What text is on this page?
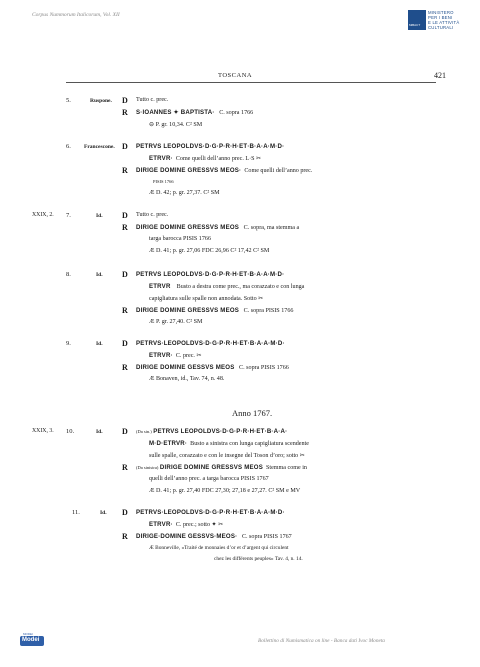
Corpus Nummorum Italicorum, Vol. XII
MiBACT
MINISTERO
PER I BENI
E LE ATTIVITÀ
CULTURALI
TOSCANA	421
5.	Ruspone. D Tutto c. prec.
R S·IOANNES ✦ BAPTISTA· C. sopra 1766
⊖ P. gr. 10,34. C² SM
6. Francescone. D PETRVS LEOPOLDVS·D·G·P·R·H·ET·B·A·A·M·D·
ETRVR· Come quelli dell’anno prec. L·S ✂
R DIRIGE DOMINE GRESSVS MEOS· Come quelli dell’anno prec.
PISIS 1766
Æ D. 42; p. gr. 27,37. C² SM
XXIX, 2. 7.	Id. D Tutto c. prec.
R DIRIGE DOMINE GRESSVS MEOS C. sopra, ma stemma a
targa barocca PISIS 1766
Æ D. 41; p. gr. 27,06 FDC 26,96 C² 17,42 C² SM
8.	Id. D PETRVS LEOPOLDVS·D·G·P·R·H·ET·B·A·A·M·D·
ETRVR Busto a destra come prec., ma corazzato e con lunga
capigliatura sulle spalle non annodata. Sotto ✂
R DIRIGE DOMINE GRESSVS MEOS C. sopra PISIS 1766
Æ P. gr. 27,40. C² SM
9.	Id. D PETRVS·LEOPOLDVS·D·G·P·R·H·ET·B·A·A·M·D·
ETRVR· C. prec. ✂
R DIRIGE DOMINE GESSVS MEOS C. sopra PISIS 1766
Æ Bonaven, id., Tav. 74, n. 48.
Anno 1767.
XXIX, 3. 10.	Id. D (Da sin.) PETRVS LEOPOLDVS·D·G·P·R·H·ET·B·A·A·
M·D·ETRVR· Busto a sinistra con lunga capigliatura scendente
sulle spalle, corazzato e con le insegne del Toson d’oro; sotto ✂
R (Da sinistra) DIRIGE DOMINE GRESSVS MEOS Stemma come in
quelli dell’anno prec. a targa barocca PISIS 1767
Æ D. 41; p. gr. 27,40 FDC 27,30; 27,18 e 27,27. C² SM e MV
11.	Id. D PETRVS·LEOPOLDVS·D·G·P·R·H·ET·B·A·A·M·D·
ETRVR· C. prec.; sotto ✦ ✂
R DIRIGE·DOMINE GESSVS·MEOS· C. sopra PISIS 1767
Æ Bonneville, «Traité de monnaies d’or et d’argent qui circulent
chez les différents peuples» Tav. 4, n. 14.
MODEI
Modei	Bollettino di Numismatica on line - Banca dati Ivoc Moneta
